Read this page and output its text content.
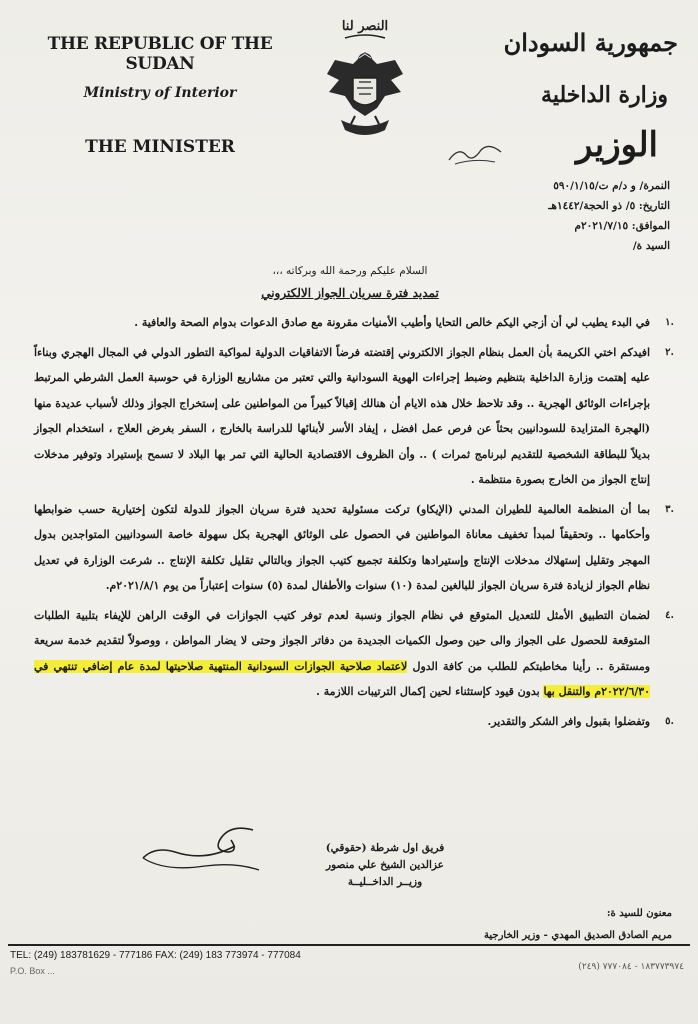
THE REPUBLIC OF THE SUDAN
Ministry of Interior
THE MINISTER
النصر لنا
جمهورية السودان
وزارة الداخلية
الوزير
النمرة/ و د/م ت/٥٩٠/١/١٥
التاريخ: ٥/ ذو الحجة/١٤٤٢هـ
الموافق: ٢٠٢١/٧/١٥م
السيد ة/
السلام عليكم ورحمة الله وبركاته ،،،
تمديد فترة سريان الجواز الالكتروني
.١
في البدء يطيب لي أن أزجي اليكم خالص التحايا وأطيب الأمنيات مقرونة مع صادق الدعوات بدوام الصحة والعافية .
.٢
افيدكم اختي الكريمة بأن العمل بنظام الجواز الالكتروني إقتضته فرضاً الاتفاقيات الدولية لمواكبة التطور الدولي في المجال الهجري وبناءاً عليه إهتمت وزارة الداخلية بتنظيم وضبط إجراءات الهوية السودانية والتي تعتبر من مشاريع الوزارة في حوسبة العمل الشرطي المرتبط بإجراءات الوثائق الهجرية .. وقد تلاحظ خلال هذه الايام أن هنالك إقبالاً كبيراً من المواطنين على إستخراج الجواز وذلك لأسباب عديدة منها (الهجرة المتزايدة للسودانيين بحثاً عن فرص عمل افضل ، إيفاد الأسر لأبنائها للدراسة بالخارج ، السفر بغرض العلاج ، استخدام الجواز بديلاً للبطاقة الشخصية للتقديم لبرنامج ثمرات ) .. وأن الظروف الاقتصادية الحالية التي تمر بها البلاد لا تسمح بإستيراد وتوفير مدخلات إنتاج الجواز من الخارج بصورة منتظمة .
.٣
بما أن المنظمة العالمية للطيران المدني (الإيكاو) تركت مسئولية تحديد فترة سريان الجواز للدولة لتكون إختيارية حسب ضوابطها وأحكامها .. وتحقيقاً لمبدأ تخفيف معاناة المواطنين في الحصول على الوثائق الهجرية بكل سهولة خاصة السودانيين المتواجدين بدول المهجر وتقليل إستهلاك مدخلات الإنتاج وإستيرادها وتكلفة تجميع كتيب الجواز وبالتالي تقليل تكلفة الإنتاج .. شرعت الوزارة في تعديل نظام الجواز لزيادة فترة سريان الجواز للبالغين لمدة (١٠) سنوات والأطفال لمدة (٥) سنوات إعتباراً من يوم ٢٠٢١/٨/١م.
.٤
لضمان التطبيق الأمثل للتعديل المتوقع في نظام الجواز ونسبة لعدم توفر كتيب الجوازات في الوقت الراهن للإيفاء بتلبية الطلبات المتوقعة للحصول على الجواز والى حين وصول الكميات الجديدة من دفاتر الجواز وحتى لا يضار المواطن ، ووصولاً لتقديم خدمة سريعة ومستقرة .. رأينا مخاطبتكم للطلب من كافة الدول لاعتماد صلاحية الجوازات السودانية المنتهية صلاحيتها لمدة عام إضافي تنتهي في ٢٠٢٢/٦/٣٠م والتنقل بها بدون قيود كإستثناء لحين إكمال الترتيبات اللازمة .
.٥
وتفضلوا بقبول وافر الشكر والتقدير.
فريق اول شرطة (حقوقي)
عزالدين الشيخ علي منصور
وزيــر الداخــليــة
معنون للسيد ة:
مريم الصادق الصديق المهدي - وزير الخارجية
TEL: (249) 183781629 - 777186 FAX: (249) 183 773974 - 777084
(٢٤٩) ١٨٣٧٧٣٩٧٤ - ٧٧٧٠٨٤
P.O. Box ...
